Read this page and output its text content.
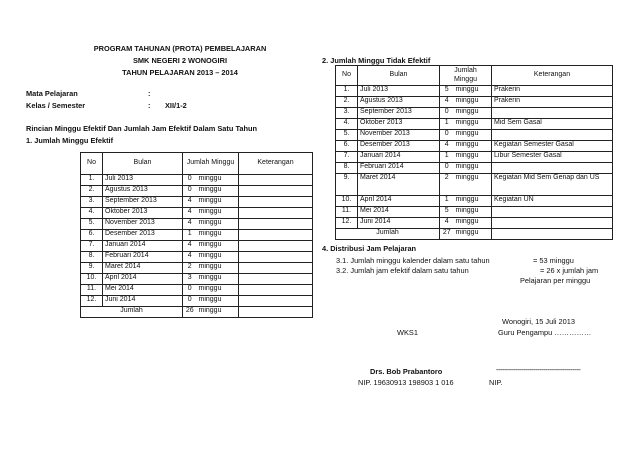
PROGRAM TAHUNAN (PROTA) PEMBELAJARAN
SMK NEGERI 2 WONOGIRI
TAHUN PELAJARAN 2013 – 2014
Mata Pelajaran	:
Kelas / Semester	: XII/1-2
Rincian Minggu Efektif Dan Jumlah Jam Efektif Dalam Satu Tahun
1. Jumlah Minggu Efektif
No	Bulan	Jumlah Minggu		Keterangan
1.	Juli 2013	0	minggu	
2.	Agustus 2013	0	minggu	
3.	September 2013	4	minggu	
4.	Oktober 2013	4	minggu	
5.	November 2013	4	minggu	
6.	Desember 2013	1	minggu	
7.	Januari 2014	4	minggu	
8.	Februari 2014	4	minggu	
9.	Maret 2014	2	minggu	
10.	April 2014	3	minggu	
11.	Mei 2014	0	minggu	
12.	Juni 2014	0	minggu	
Jumlah		26	minggu	
2. Jumlah Minggu Tidak Efektif
No	Bulan	Jumlah Minggu		Keterangan
1.	Juli 2013	5	minggu	Prakerin
2.	Agustus 2013	4	minggu	Prakerin
3.	September 2013	0	minggu	
4.	Oktober 2013	1	minggu	Mid Sem Gasal
5.	November 2013	0	minggu	
6.	Desember 2013	4	minggu	Kegiatan Semester Gasal
7.	Januari 2014	1	minggu	Libur Semester Gasal
8.	Februari 2014	0	minggu	
9.	Maret 2014	2	minggu	Kegiatan Mid Sem Genap dan US
10.	April 2014	1	minggu	Kegiatan UN
11.	Mei 2014	5	minggu	
12.	Juni 2014	4	minggu	
Jumlah		27	minggu	
4. Distribusi Jam Pelajaran
3.1. Jumlah minggu kalender dalam satu tahun	= 53 minggu
3.2. Jumlah jam efektif dalam satu tahun	= 26 x jumlah jam
Pelajaran per minggu
Wonogiri, 15 Juli 2013
WKS1	Guru Pengampu ……………
Drs. Bob Prabantoro	-------------------------------------------
NIP. 19630913 198903 1 016	NIP.
